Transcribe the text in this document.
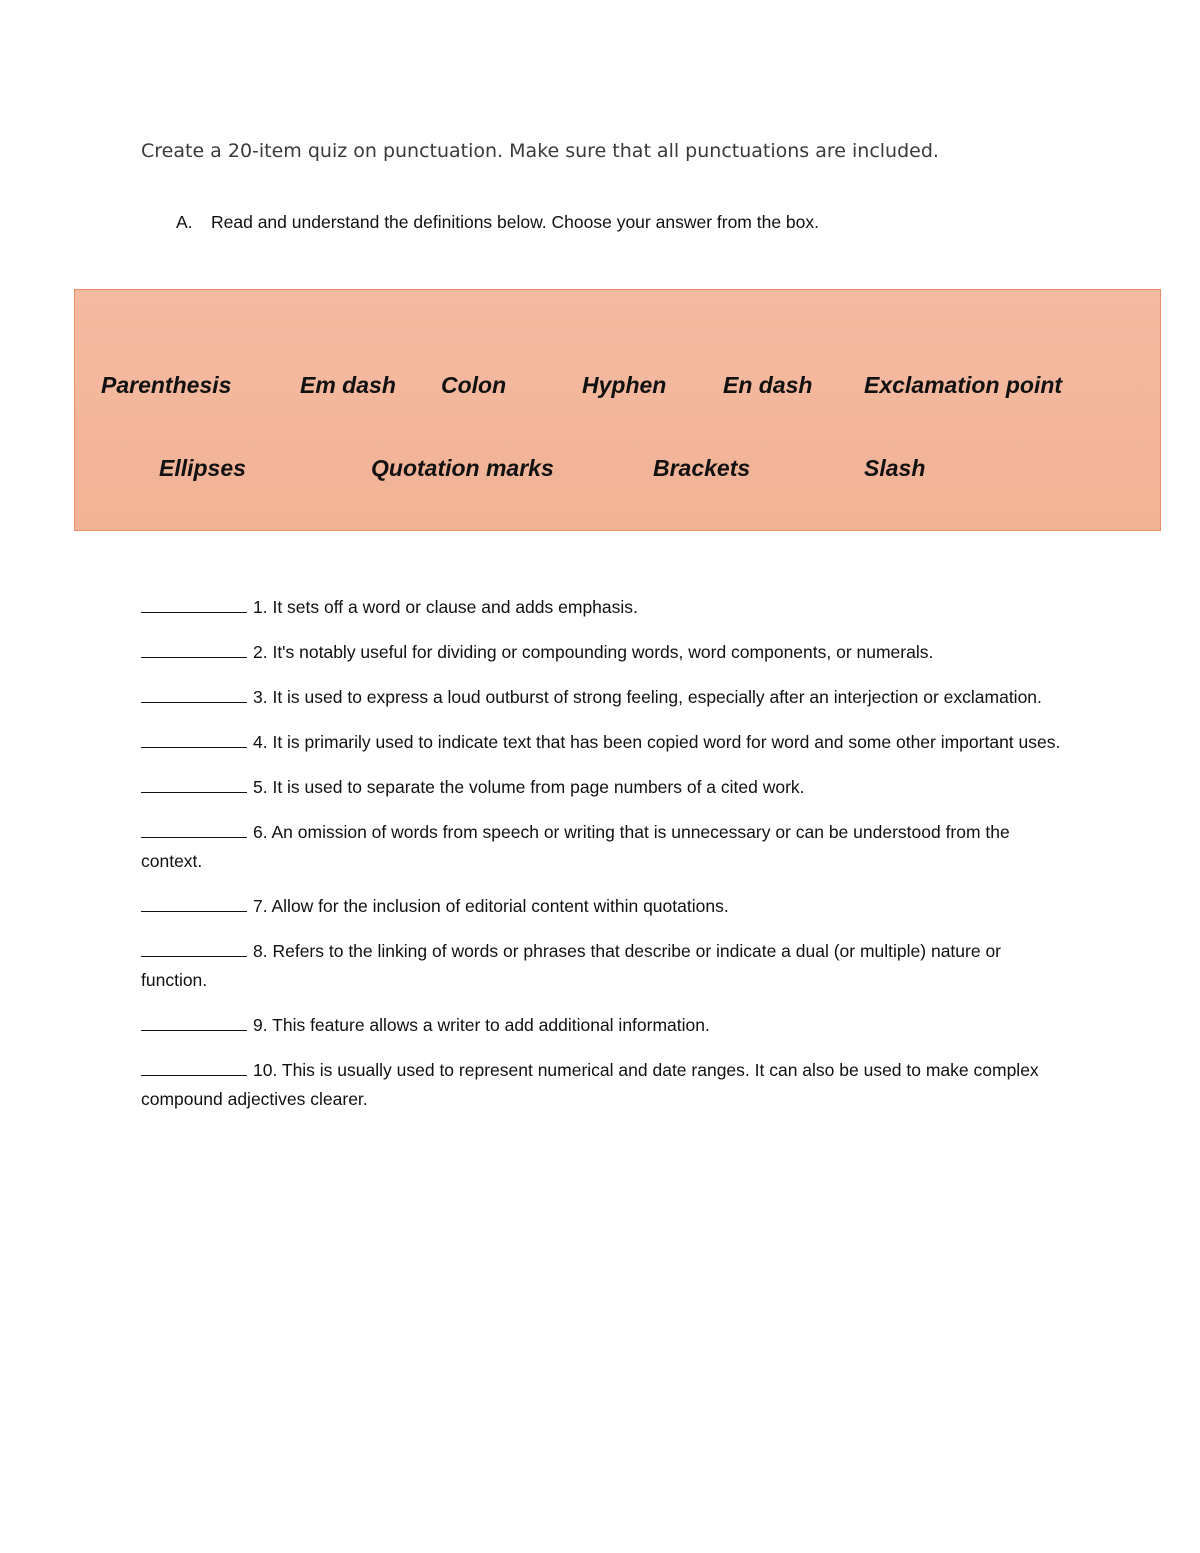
Create a 20-item quiz on punctuation. Make sure that all punctuations are included.
A. Read and understand the definitions below. Choose your answer from the box.
Parenthesis	Em dash Colon	Hyphen En dash Exclamation point
Ellipses	Quotation marks	Brackets	Slash
1. It sets off a word or clause and adds emphasis.
2. It's notably useful for dividing or compounding words, word components, or numerals.
3. It is used to express a loud outburst of strong feeling, especially after an interjection or exclamation.
4. It is primarily used to indicate text that has been copied word for word and some other important uses.
5. It is used to separate the volume from page numbers of a cited work.
6. An omission of words from speech or writing that is unnecessary or can be understood from the context.
7. Allow for the inclusion of editorial content within quotations.
8. Refers to the linking of words or phrases that describe or indicate a dual (or multiple) nature or function.
9. This feature allows a writer to add additional information.
10. This is usually used to represent numerical and date ranges. It can also be used to make complex compound adjectives clearer.
